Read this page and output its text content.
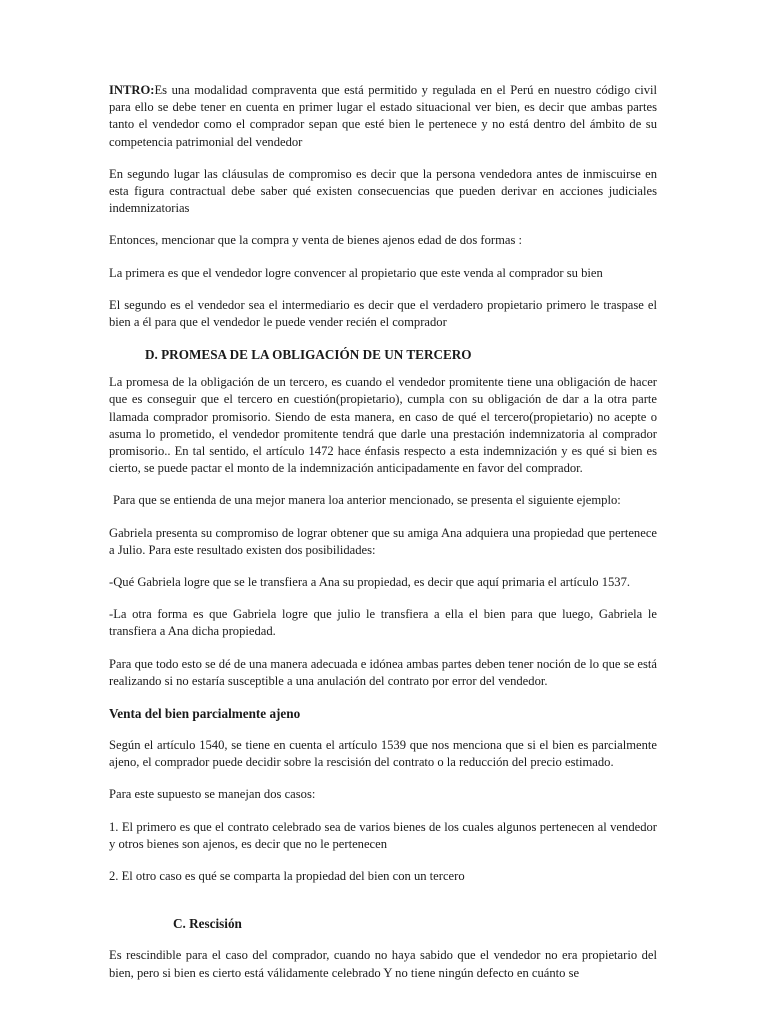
INTRO:Es una modalidad compraventa que está permitido y regulada en el Perú en nuestro código civil para ello se debe tener en cuenta en primer lugar el estado situacional ver bien, es decir que ambas partes tanto el vendedor como el comprador sepan que esté bien le pertenece y no está dentro del ámbito de su competencia patrimonial del vendedor

En segundo lugar las cláusulas de compromiso es decir que la persona vendedora antes de inmiscuirse en esta figura contractual debe saber qué existen consecuencias que pueden derivar en acciones judiciales indemnizatorias

Entonces, mencionar que la compra y venta de bienes ajenos edad de dos formas :

La primera es que el vendedor logre convencer al propietario que este venda al comprador su bien

El segundo es el vendedor sea el intermediario es decir que el verdadero propietario primero le traspase el bien a él para que el vendedor le puede vender recién el comprador

D. PROMESA DE LA OBLIGACIÓN DE UN TERCERO

La promesa de la obligación de un tercero, es cuando el vendedor promitente tiene una obligación de hacer que es conseguir que el tercero en cuestión(propietario), cumpla con su obligación de dar a la otra parte llamada comprador promisorio. Siendo de esta manera, en caso de qué el tercero(propietario) no acepte o asuma lo prometido, el vendedor promitente tendrá que darle una prestación indemnizatoria al comprador promisorio.. En tal sentido, el artículo 1472 hace énfasis respecto a esta indemnización y es qué si bien es cierto, se puede pactar el monto de la indemnización anticipadamente en favor del comprador.

Para que se entienda de una mejor manera loa anterior mencionado, se presenta el siguiente ejemplo:

Gabriela presenta su compromiso de lograr obtener que su amiga Ana adquiera una propiedad que pertenece a Julio. Para este resultado existen dos posibilidades:

-Qué Gabriela logre que se le transfiera a Ana su propiedad, es decir que aquí primaria el artículo 1537.

-La otra forma es que Gabriela logre que julio le transfiera a ella el bien para que luego, Gabriela le transfiera a Ana dicha propiedad.

Para que todo esto se dé de una manera adecuada e idónea ambas partes deben tener noción de lo que se está realizando si no estaría susceptible a una anulación del contrato por error del vendedor.

Venta del bien parcialmente ajeno

Según el artículo 1540, se tiene en cuenta el artículo 1539 que nos menciona que si el bien es parcialmente ajeno, el comprador puede decidir sobre la rescisión del contrato o la reducción del precio estimado.

Para este supuesto se manejan dos casos:

1. El primero es que el contrato celebrado sea de varios bienes de los cuales algunos pertenecen al vendedor y otros bienes son ajenos, es decir que no le pertenecen

2. El otro caso es qué se comparta la propiedad del bien con un tercero

C. Rescisión

Es rescindible para el caso del comprador, cuando no haya sabido que el vendedor no era propietario del bien, pero si bien es cierto está válidamente celebrado Y no tiene ningún defecto en cuánto se
